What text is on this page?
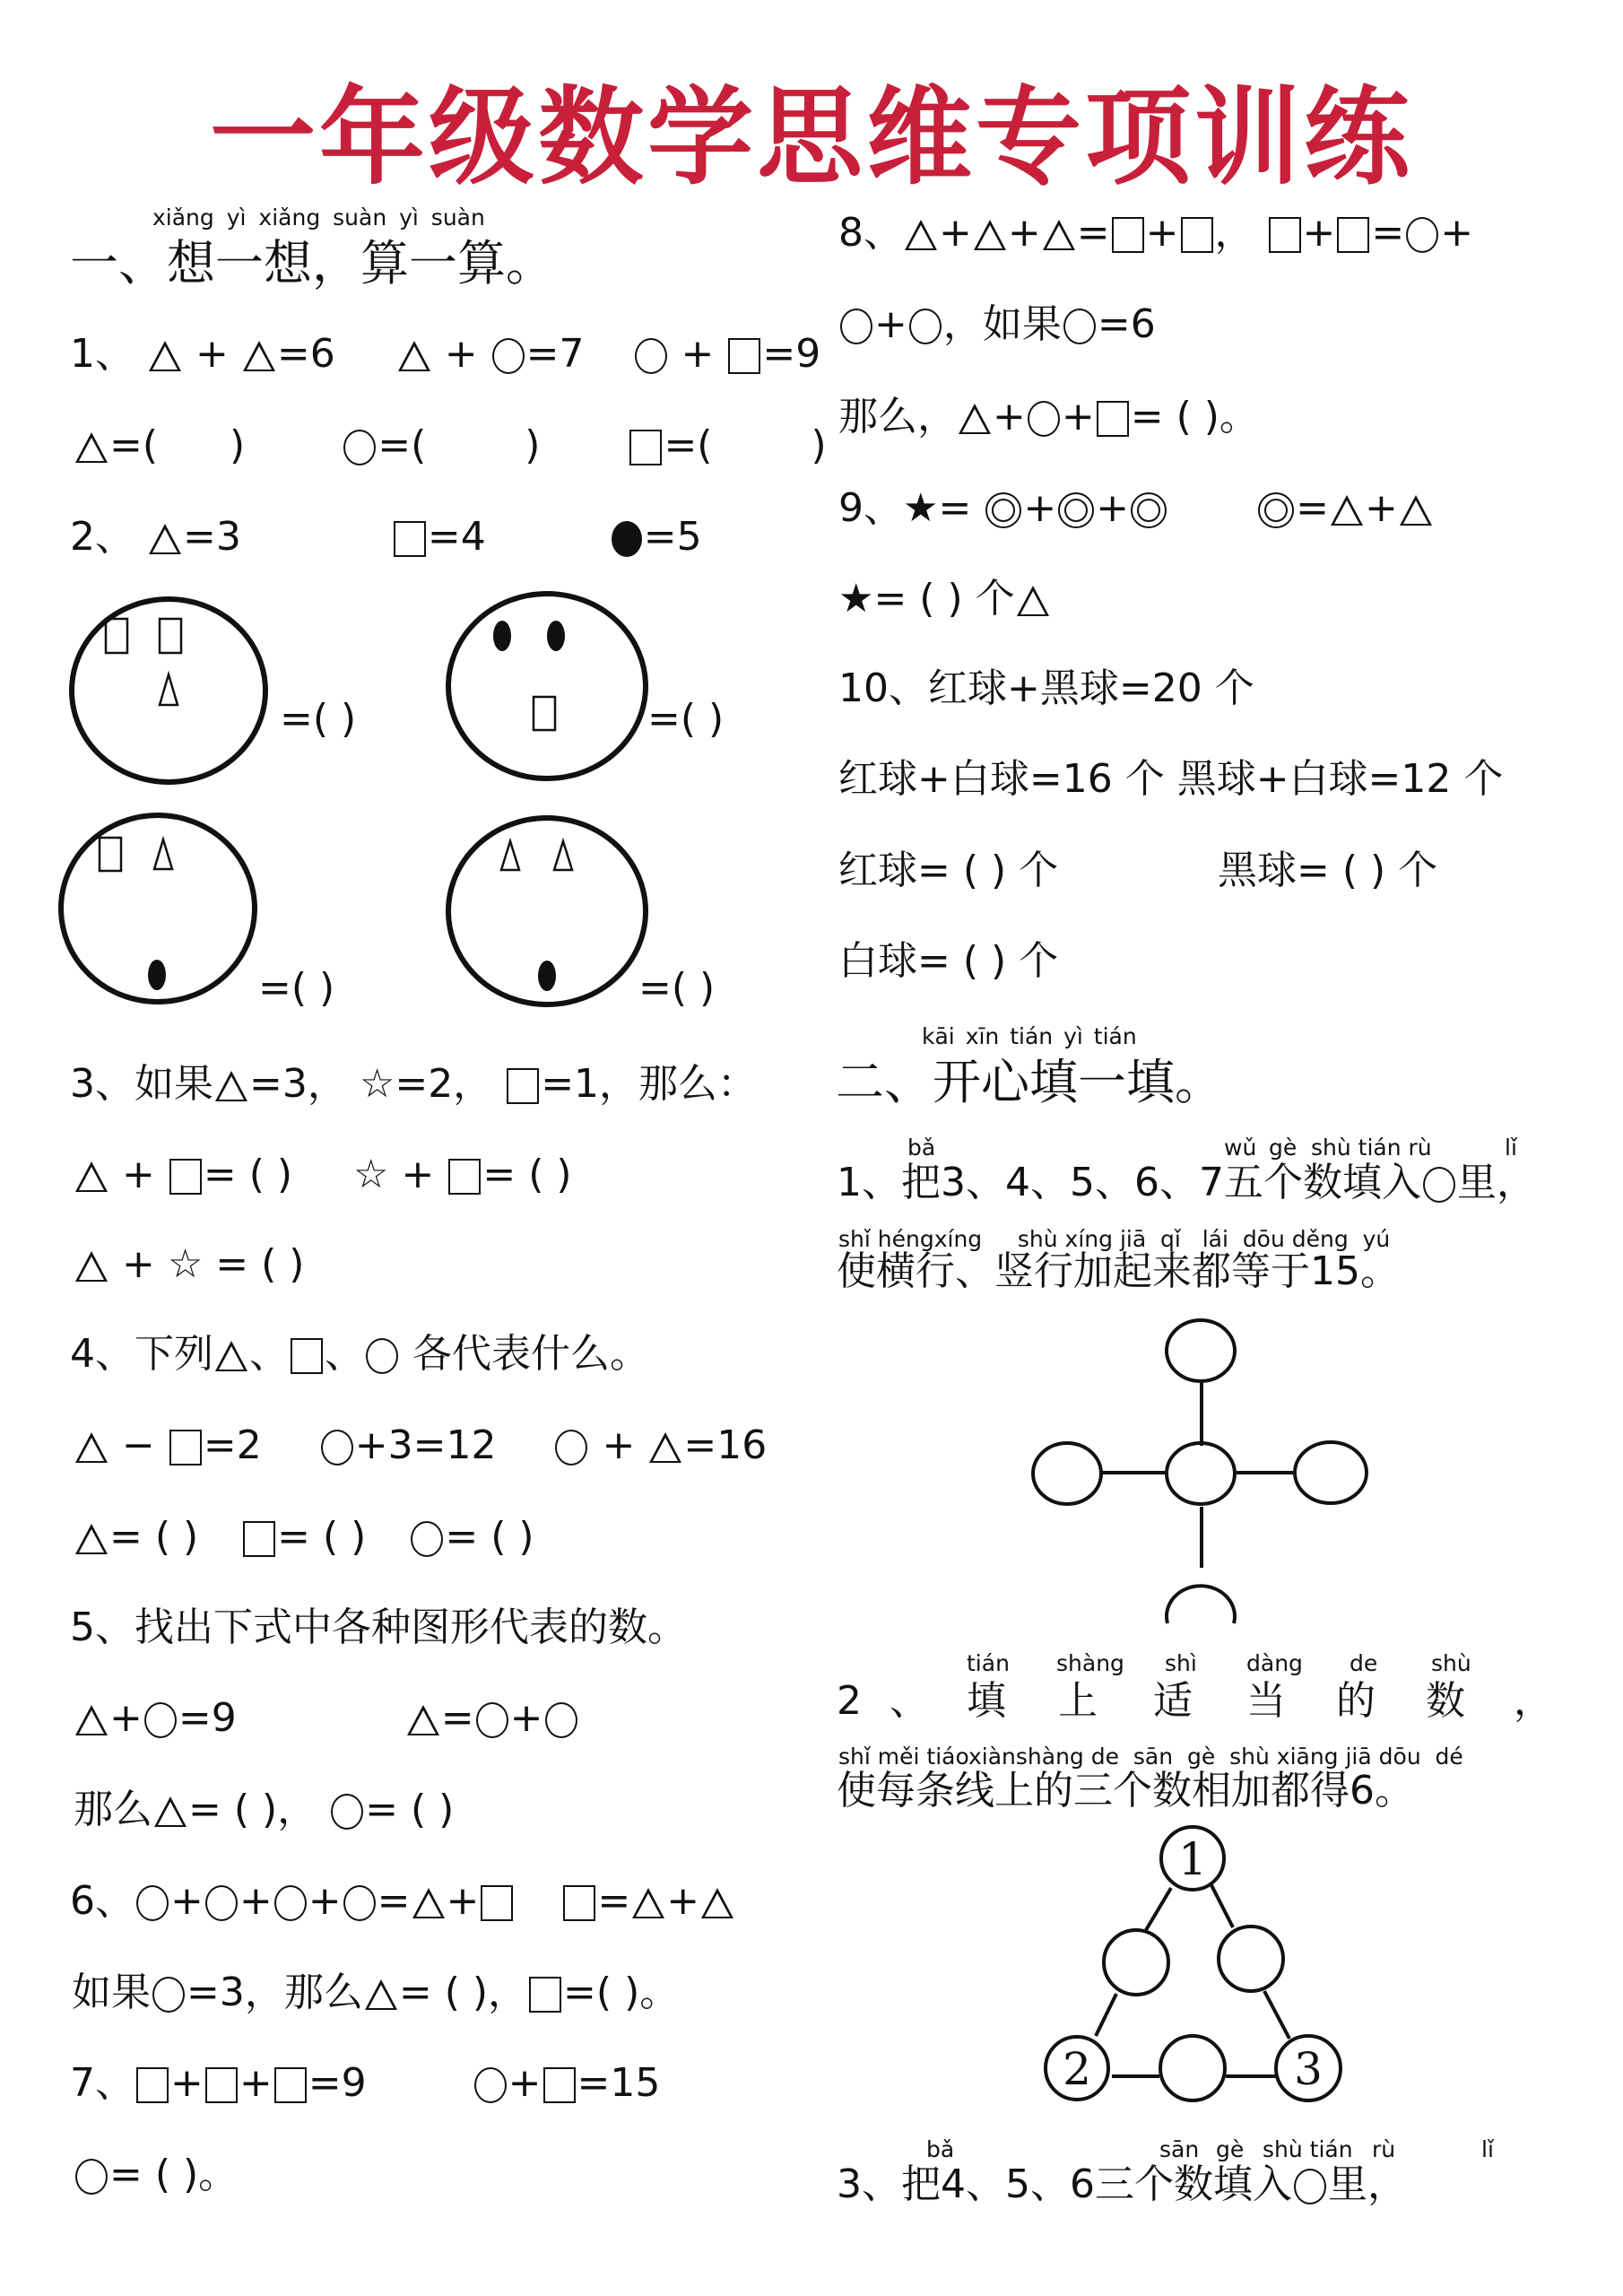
一年级数学思维专项训练
xiǎng yì xiǎng suàn yì suàn
一、想一想，算一算。
1、 + =6	+ =7 + =9
=( )	=(	)	=(	)
2、 =3	=4	=5
=( )	=( )
=( )	=( )
3、如果 =3， ☆=2， =1，那么：
+ = ( ) ☆ + = ( )
+ ☆ = ( )
4、下列 、 、 各代表什么。
− =2 +3=12	+ =16
= ( ) = ( ) = ( )
5、找出下式中各种图形代表的数。
+ =9	= +
那么 = ( )， = ( )
6、 + + + = +	= +
如果 =3，那么 = ( )， =( )。
7、 + + =9	+ =15
= ( )。
8、 + + = + ， + = +
+ ，如果 =6
那么， + + = ( )。
9、★= + +	= +
★= ( ) 个
10、红球+黑球=20 个
红球+白球=16 个 黑球+白球=12 个
红球= ( ) 个	黑球= ( ) 个
白球= ( ) 个
kāi xīn tián yì tián
二、开心填一填。
bǎ	wǔ gè shù tián rù	lǐ
1、把3、4、5、6、7五个数填入 里，
shǐ héngxíng     shù xíng jiā  qǐ   lái  dōu děng  yú
使横行、竖行加起来都等于15。
tián shàng shì dàng de shù
2 、 填 上 适 当 的 数 ，
shǐ měi tiáoxiànshàng de  sān  gè  shù xiāng jiā dōu  dé
使每条线上的三个数相加都得6。
1
2	3
bǎ	sān gè shù tián rù	lǐ
3、把4、5、6三个数填入 里，
